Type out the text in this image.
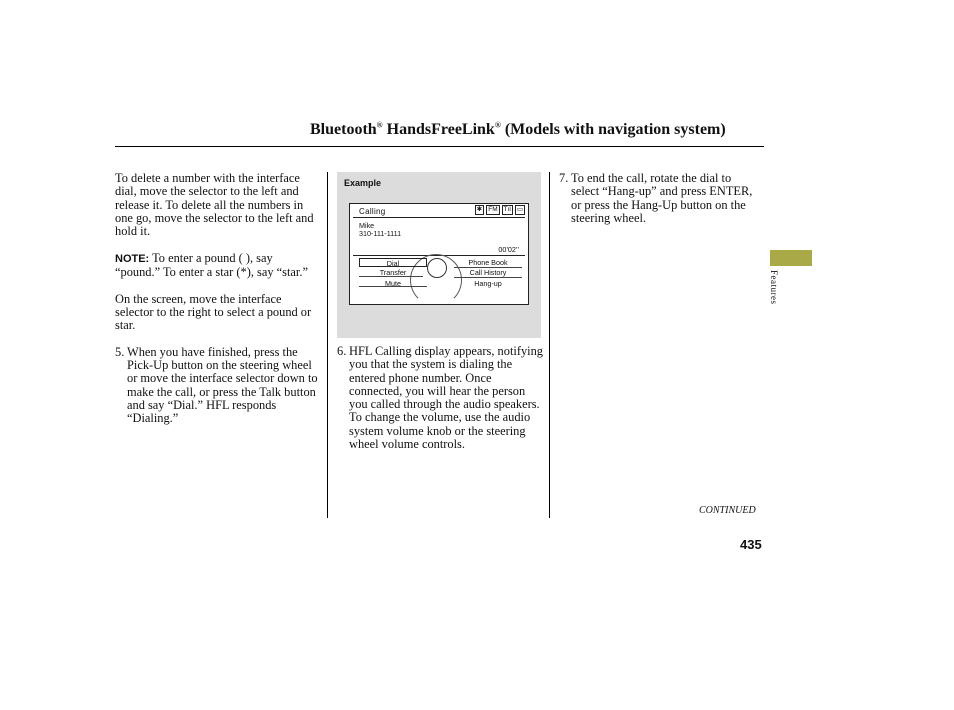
Bluetooth® HandsFreeLink® (Models with navigation system)

To delete a number with the interface dial, move the selector to the left and release it. To delete all the numbers in one go, move the selector to the left and hold it.

NOTE: To enter a pound ( ), say “pound.” To enter a star (*), say “star.”

On the screen, move the interface selector to the right to select a pound or star.

5. When you have finished, press the Pick-Up button on the steering wheel or move the interface selector down to make the call, or press the Talk button and say “Dial.” HFL responds “Dialing.”
Example
Calling	✱ FM Tıl ▭
Mike
310-111-1111
00’02’’
Dial
Transfer
Mute
Phone Book
Call History
Hang-up
6. HFL Calling display appears, notifying you that the system is dialing the entered phone number. Once connected, you will hear the person you called through the audio speakers. To change the volume, use the audio system volume knob or the steering wheel volume controls.
7. To end the call, rotate the dial to select “Hang-up” and press ENTER, or press the Hang-Up button on the steering wheel.
Features
CONTINUED
435
